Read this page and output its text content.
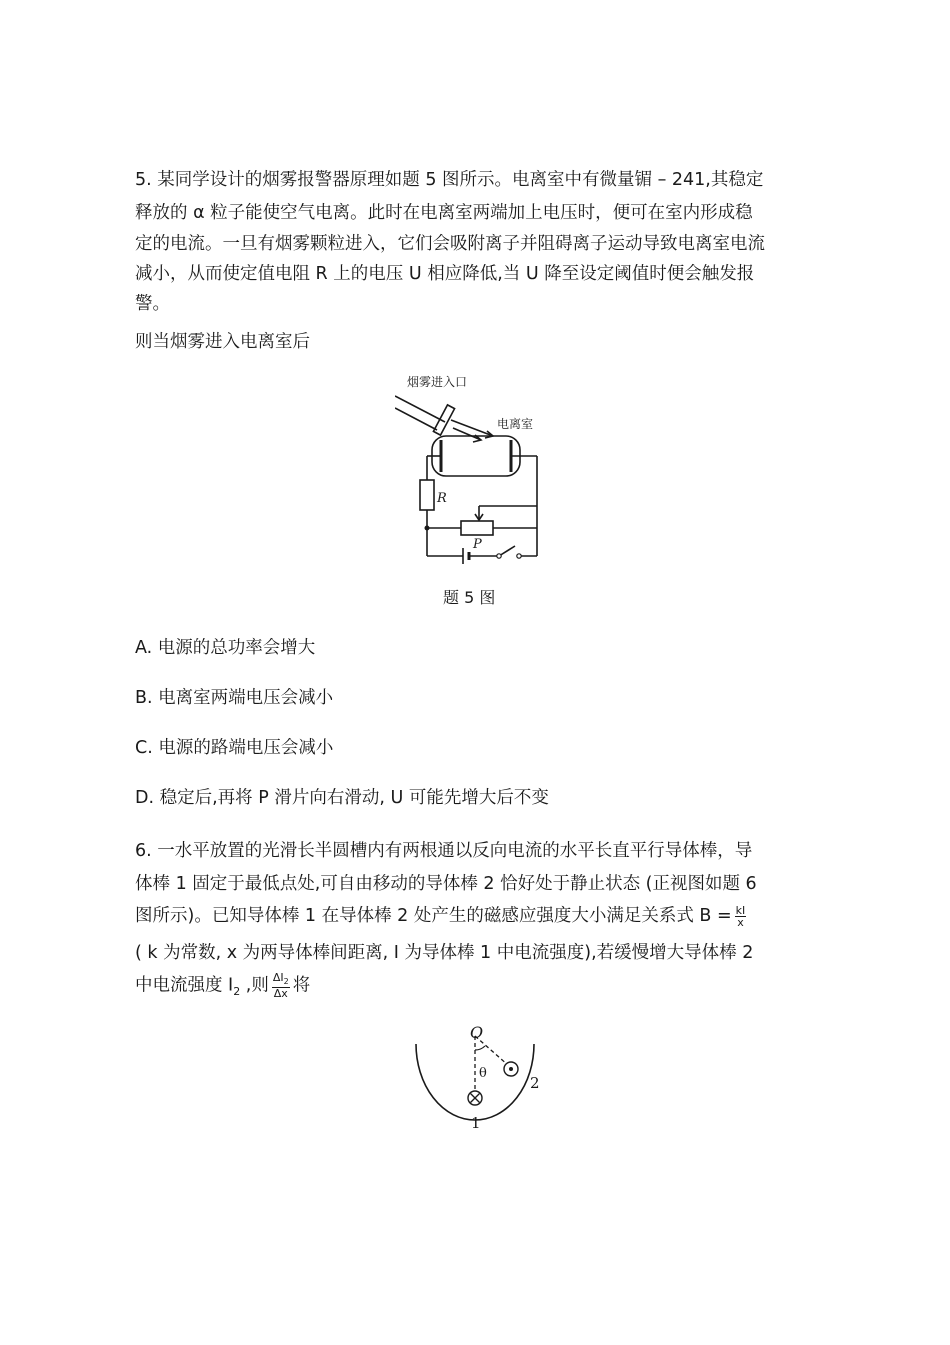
5. 某同学设计的烟雾报警器原理如题 5 图所示。电离室中有微量镅 – 241,其稳定

释放的 α 粒子能使空气电离。此时在电离室两端加上电压时，便可在室内形成稳

定的电流。一旦有烟雾颗粒进入，它们会吸附离子并阻碍离子运动导致电离室电流

减小，从而使定值电阻 R 上的电压 U 相应降低,当 U 降至设定阈值时便会触发报

警。

则当烟雾进入电离室后

烟雾进入口
电离室
R
P

题 5 图

A. 电源的总功率会增大

B. 电离室两端电压会减小

C. 电源的路端电压会减小

D. 稳定后,再将 P 滑片向右滑动, U 可能先增大后不变

6. 一水平放置的光滑长半圆槽内有两根通以反向电流的水平长直平行导体棒，导

体棒 1 固定于最低点处,可自由移动的导体棒 2 恰好处于静止状态 (正视图如题 6

图所示)。已知导体棒 1 在导体棒 2 处产生的磁感应强度大小满足关系式 $B = \frac{kI}{x}$

( k 为常数, x 为两导体棒间距离, I 为导体棒 1 中电流强度),若缓慢增大导体棒 2

中电流强度 $I_2$ ,则 $\frac{\Delta I_2}{\Delta x}$ 将

O
θ
1
2
